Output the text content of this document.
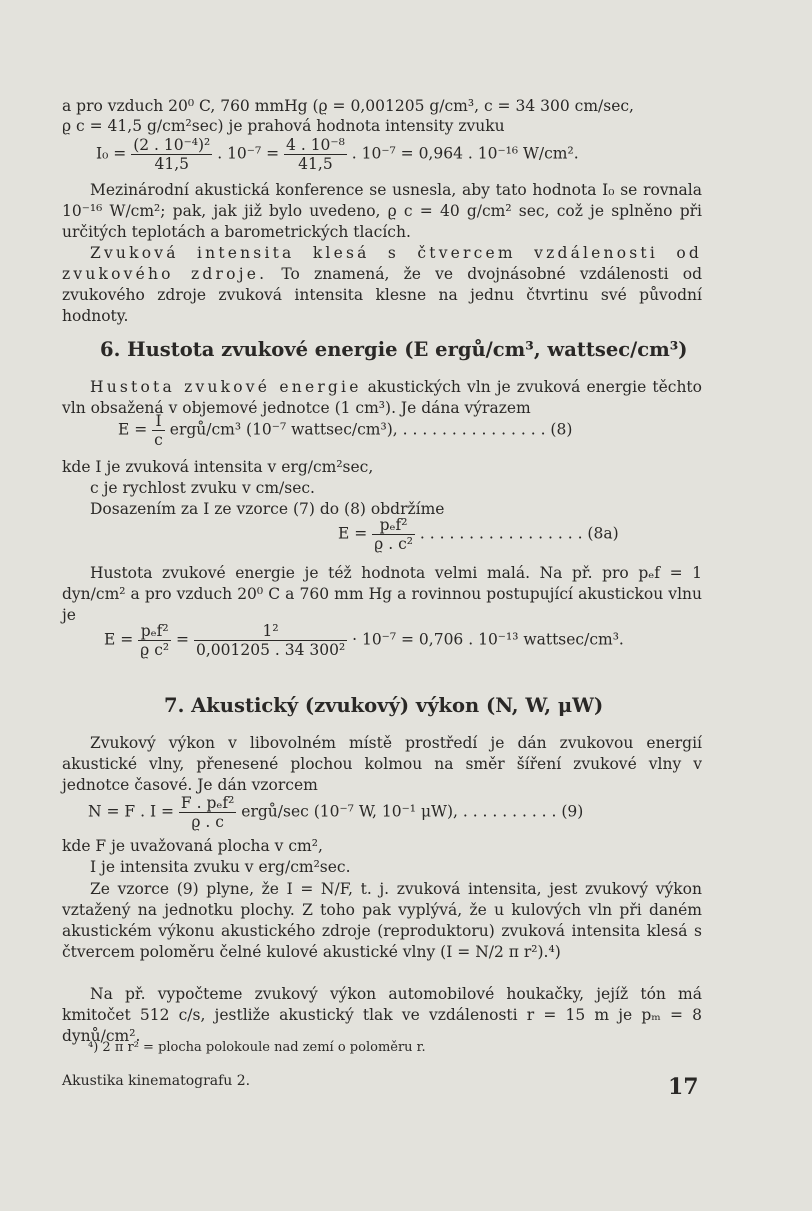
a pro vzduch 20⁰ C, 760 mmHg (ϱ = 0,001205 g/cm³, c = 34 300 cm/sec,
ϱ c = 41,5 g/cm²sec) je prahová hodnota intensity zvuku
$I_0 = \frac{\text{(2 . 10⁻⁴)²}}{41,5}$ . $10^{-7} = \frac{\text{4 . 10⁻⁸}}{41,5}$ . 10⁻⁷ = 0,964 . 10⁻¹⁶ W/cm².
Mezinárodní akustická konference se usnesla, aby tato hodnota I₀ se rovnala 10⁻¹⁶ W/cm²; pak, jak již bylo uvedeno, ϱ c = 40 g/cm² sec, což je splněno při určitých teplotách a barometrických tlacích.
Zvuková intensita klesá s čtvercem vzdálenosti od zvukového zdroje. To znamená, že ve dvojnásobné vzdálenosti od zvukového zdroje zvuková intensita klesne na jednu čtvrtinu své původní hodnoty.
6. Hustota zvukové energie (E ergů/cm³, wattsec/cm³)
Hustota zvukové energie akustických vln je zvuková energie těchto vln obsažená v objemové jednotce (1 cm³). Je dána výrazem
$E = \frac{I}{c}$ ergů/cm³ (10⁻⁷ wattsec/cm³), . . . . . . . . . . . . . . . (8)
kde I je zvuková intensita v erg/cm²sec,
c je rychlost zvuku v cm/sec.
Dosazením za I ze vzorce (7) do (8) obdržíme
$E = \frac{\text{pₑf²}}{\text{ϱ . c²}}$ . . . . . . . . . . . . . . . . . (8a)
Hustota zvukové energie je též hodnota velmi malá. Na př. pro pₑf = 1 dyn/cm² a pro vzduch 20⁰ C a 760 mm Hg a rovinnou postupující akustickou vlnu je
$E = \frac{\text{pₑf²}}{\text{ϱ c²}} = \frac{\text{1²}}{\text{0,001205 . 34 300²}} \cdot 10^{-7} = 0,706$ . 10⁻¹³ wattsec/cm³.
7. Akustický (zvukový) výkon (N, W, μW)
Zvukový výkon v libovolném místě prostředí je dán zvukovou energií akustické vlny, přenesené plochou kolmou na směr šíření zvukové vlny v jednotce časové. Je dán vzorcem
N = F . $I = \frac{\text{F . pₑf²}}{ϱ . c}$ ergů/sec (10⁻⁷ W, 10⁻¹ μW), . . . . . . . . . . (9)
kde F je uvažovaná plocha v cm²,
I je intensita zvuku v erg/cm²sec.
Ze vzorce (9) plyne, že I = N/F, t. j. zvuková intensita, jest zvukový výkon vztažený na jednotku plochy. Z toho pak vyplývá, že u kulových vln při daném akustickém výkonu akustického zdroje (reproduktoru) zvuková intensita klesá s čtvercem poloměru čelné kulové akustické vlny (I = N/2 π r²).⁴)
Na př. vypočteme zvukový výkon automobilové houkačky, jejíž tón má kmitočet 512 c/s, jestliže akustický tlak ve vzdálenosti r = 15 m je pₘ = 8 dynů/cm².
⁴) 2 π r² = plocha polokoule nad zemí o poloměru r.
Akustika kinematografu 2.	17
